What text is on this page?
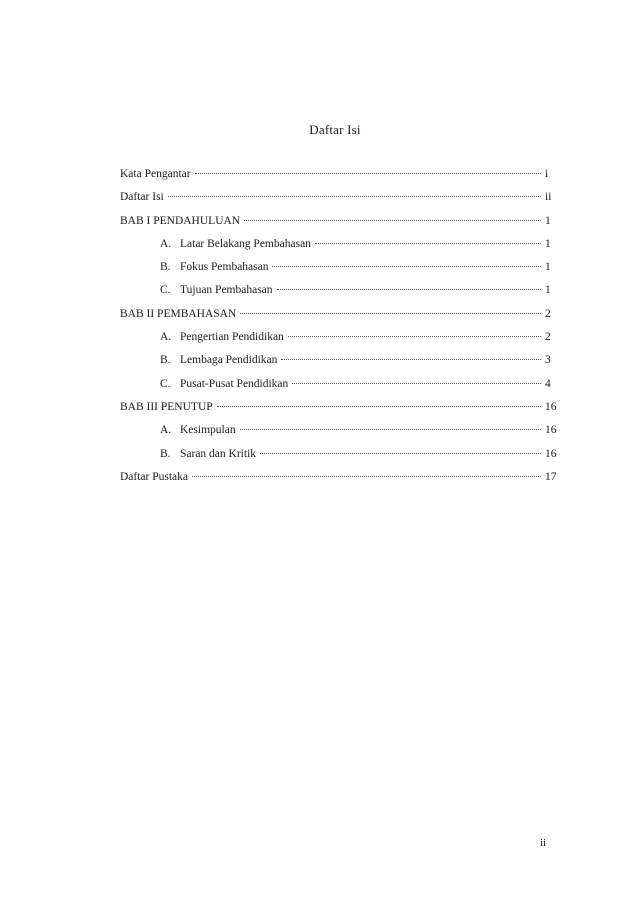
Daftar Isi
Kata Pengantar	i
Daftar Isi	ii
BAB I PENDAHULUAN	1
A. Latar Belakang Pembahasan	1
B. Fokus Pembahasan	1
C. Tujuan Pembahasan	1
BAB II PEMBAHASAN	2
A. Pengertian Pendidikan	2
B. Lembaga Pendidikan	3
C. Pusat-Pusat Pendidikan	4
BAB III PENUTUP	16
A. Kesimpulan	16
B. Saran dan Kritik	16
Daftar Pustaka	17
ii
